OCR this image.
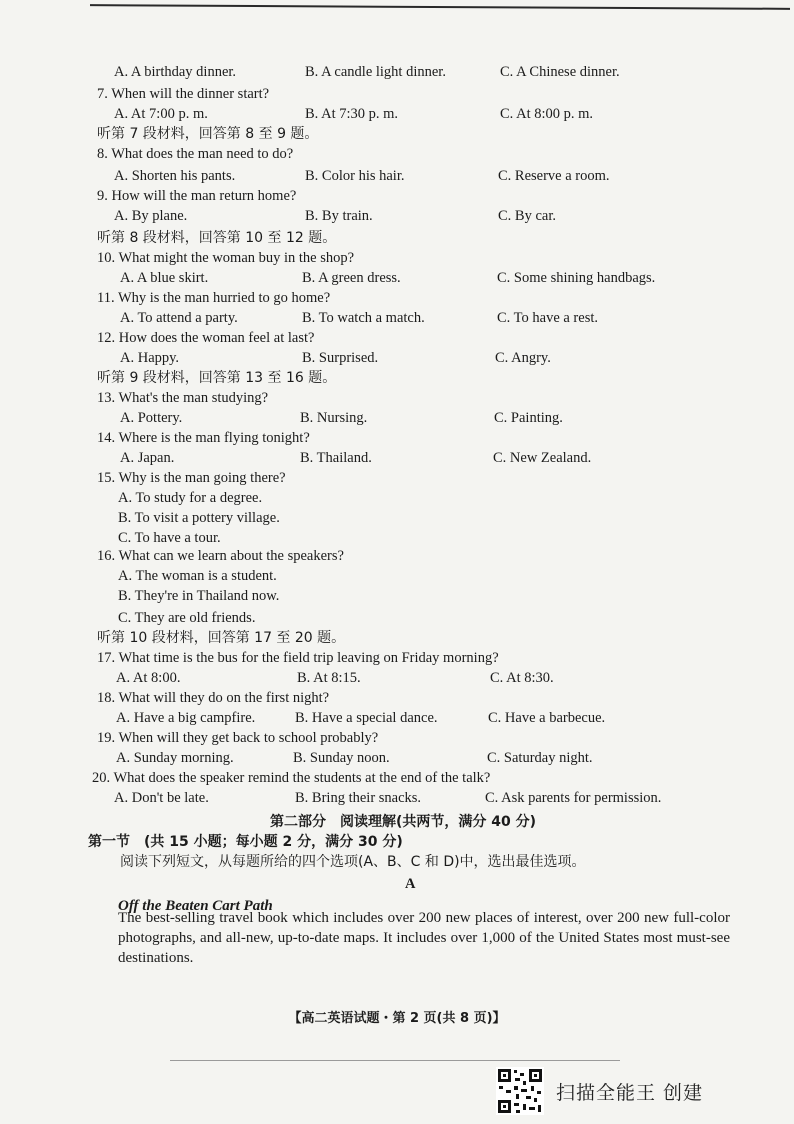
A. A birthday dinner.	B. A candle light dinner.	C. A Chinese dinner.
7. When will the dinner start?
A. At 7:00 p. m.	B. At 7:30 p. m.	C. At 8:00 p. m.
听第 7 段材料，回答第 8 至 9 题。
8. What does the man need to do?
A. Shorten his pants.	B. Color his hair.	C. Reserve a room.
9. How will the man return home?
A. By plane.	B. By train.	C. By car.
听第 8 段材料，回答第 10 至 12 题。
10. What might the woman buy in the shop?
A. A blue skirt.	B. A green dress.	C. Some shining handbags.
11. Why is the man hurried to go home?
A. To attend a party.	B. To watch a match.	C. To have a rest.
12. How does the woman feel at last?
A. Happy.	B. Surprised.	C. Angry.
听第 9 段材料，回答第 13 至 16 题。
13. What's the man studying?
A. Pottery.	B. Nursing.	C. Painting.
14. Where is the man flying tonight?
A. Japan.	B. Thailand.	C. New Zealand.
15. Why is the man going there?
A. To study for a degree.
B. To visit a pottery village.
C. To have a tour.
16. What can we learn about the speakers?
A. The woman is a student.
B. They're in Thailand now.
C. They are old friends.
听第 10 段材料，回答第 17 至 20 题。
17. What time is the bus for the field trip leaving on Friday morning?
A. At 8:00.	B. At 8:15.	C. At 8:30.
18. What will they do on the first night?
A. Have a big campfire.	B. Have a special dance.	C. Have a barbecue.
19. When will they get back to school probably?
A. Sunday morning.	B. Sunday noon.	C. Saturday night.
20. What does the speaker remind the students at the end of the talk?
A. Don't be late.	B. Bring their snacks.	C. Ask parents for permission.
第二部分　阅读理解(共两节，满分 40 分)
第一节　(共 15 小题；每小题 2 分，满分 30 分)
阅读下列短文，从每题所给的四个选项(A、B、C 和 D)中，选出最佳选项。
A
Off the Beaten Cart Path
The best-selling travel book which includes over 200 new places of interest, over 200 new full-color photographs, and all-new, up-to-date maps. It includes over 1,000 of the United States most must-see destinations.
【高二英语试题・第 2 页(共 8 页)】
扫描全能王 创建
